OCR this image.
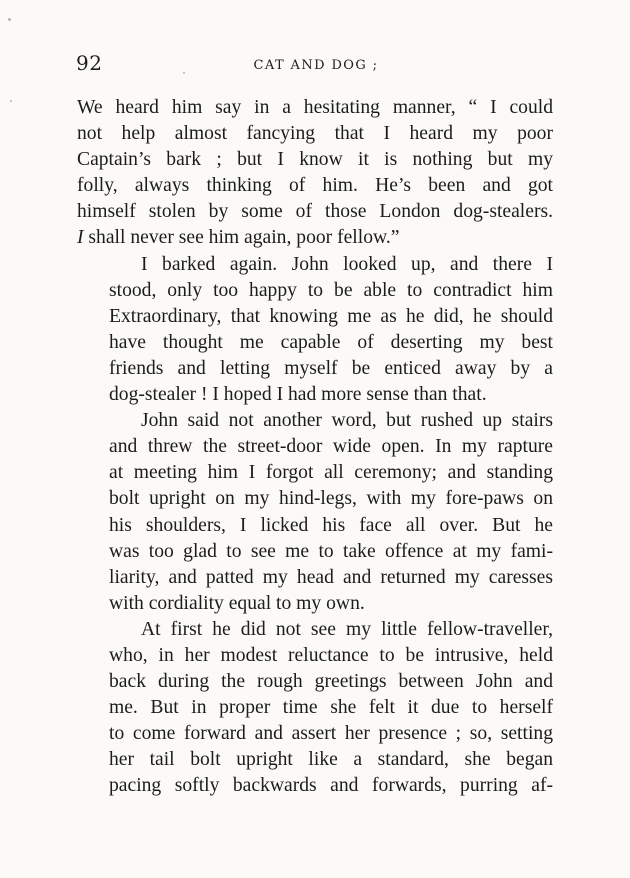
92	CAT AND DOG ;
We heard him say in a hesitating manner, “ I could
not help almost fancying that I heard my poor
Captain’s bark ; but I know it is nothing but my
folly, always thinking of him. He’s been and got
himself stolen by some of those London dog-stealers.
I shall never see him again, poor fellow.”
I barked again. John looked up, and there I
stood, only too happy to be able to contradict him
Extraordinary, that knowing me as he did, he should
have thought me capable of deserting my best
friends and letting myself be enticed away by a
dog-stealer ! I hoped I had more sense than that.
John said not another word, but rushed up stairs
and threw the street-door wide open. In my rapture
at meeting him I forgot all ceremony; and standing
bolt upright on my hind-legs, with my fore-paws on
his shoulders, I licked his face all over. But he
was too glad to see me to take offence at my fami-
liarity, and patted my head and returned my caresses
with cordiality equal to my own.
At first he did not see my little fellow-traveller,
who, in her modest reluctance to be intrusive, held
back during the rough greetings between John and
me. But in proper time she felt it due to herself
to come forward and assert her presence ; so, setting
her tail bolt upright like a standard, she began
pacing softly backwards and forwards, purring af-
